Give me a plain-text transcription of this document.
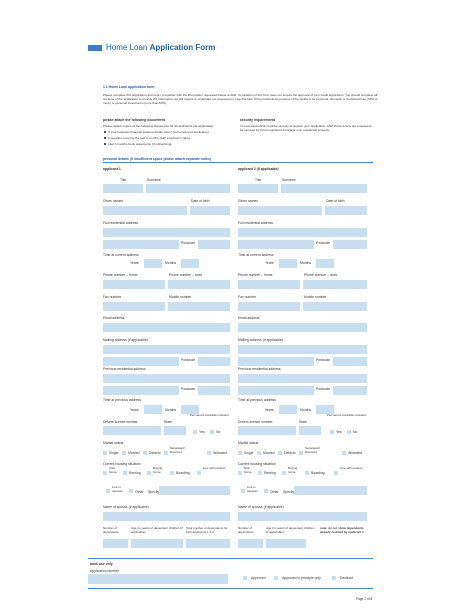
Home Loan Application Form
1.1 Home Loan application form
Please complete this application and return it together with the information requested below to ANZ. Completion of this form does not ensure the approval of your credit application. You should complete all sections of the application to provide the information we will require to undertake our assessment. Use this form if the predominant purpose of the facility is for personal, domestic or household use (50% or more) or personal investment (more than 50%).
please attach the following documents
Please attach copies of the following documents for all applicants (as applicable):
If your business financial statements/tax return (self employed applicants)
2 payslips covering the last 3 months (with employer's name
Last 3 months bank statements (if refinancing)
security requirements
In most cases ANZ requires security to support your application. ANZ Home Loans are required to be secured by a first registered mortgage over residential property.
personal details (if insufficient space please attach separate notes)
applicant 1	applicant 2 (if applicable)
Title	Surname
Given names	Date of birth
Full residential address
Postcode
Time at current address
Years	Months
Phone number – home	Phone number – work
Fax number	Mobile number
Email address
Mailing address (if applicable)
Postcode
Previous residential address
Postcode
Time at previous address
Years	Months
Drivers licence number	State
Permanent Australian resident
Yes	No
Marital status
Single	Married	Defacto
Separated/ Divorced	Widowed
Current housing situation
Own home	Renting
Buying home	Boarding
Live with parents
Live in caravan	Other Specify
Name of spouse (if applicable)
Number of dependents
Age (in years) of dependent children (if applicable)
Total number of dependents for both applicants 1 & 2
Title	Surname
Given names	Date of birth
Full residential address
Postcode
Time at current address
Years	Months
Phone number – home	Phone number – work
Fax number	Mobile number
Email address
Mailing address (if applicable)
Postcode
Previous residential address
Postcode
Time at previous address
Years	Months
Drivers licence number	State
Permanent Australian resident
Yes	No
Marital status
Single	Married	Defacto
Separated/ Divorced	Widowed
Current housing situation
Own home	Renting
Buying home	Boarding
Live with parents
Live in caravan	Other Specify
Name of spouse (if applicable)
Number of dependents
Age (in years) of dependent children (if applicable)
note: do not show dependents already counted by applicant 1
bank use only
Application number
Approved	Approved in principle only	Declined
Page 2 of 8
